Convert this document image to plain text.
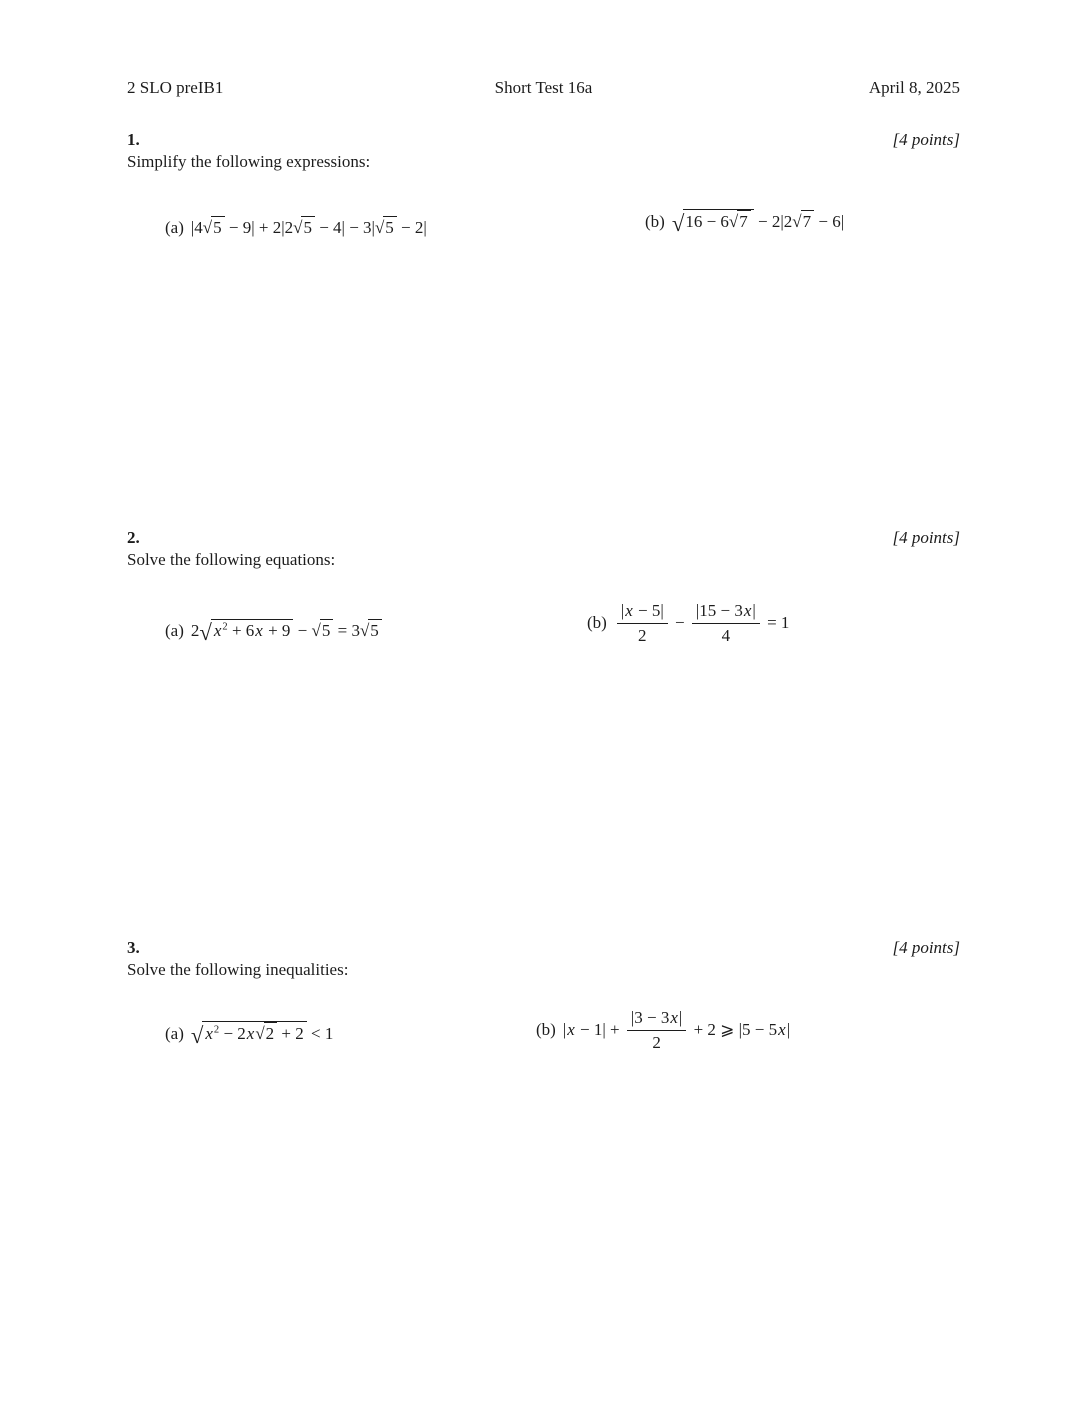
2 SLO preIB1	Short Test 16a	April 8, 2025
1.	[4 points]
Simplify the following expressions:
(a) |4√5 − 9| + 2|2√5 − 4| − 3|√5 − 2|	(b) √16 − 6√7 − 2|2√7 − 6|
2.	[4 points]
Solve the following equations:
(a) 2√ $x^2 + 6x + 9 - √5 = 3√5$	$(b) \frac{|x - 5|}{2} - \frac{|15 - 3x|}{4} = 1$
3.	[4 points]
Solve the following inequalities:
(a) √ $x^2 - 2x√2 + 2 < 1$	(b) $|x - 1| + \frac{|3 - 3x|}{2} + 2$ ⩾ |5 − 5x|
